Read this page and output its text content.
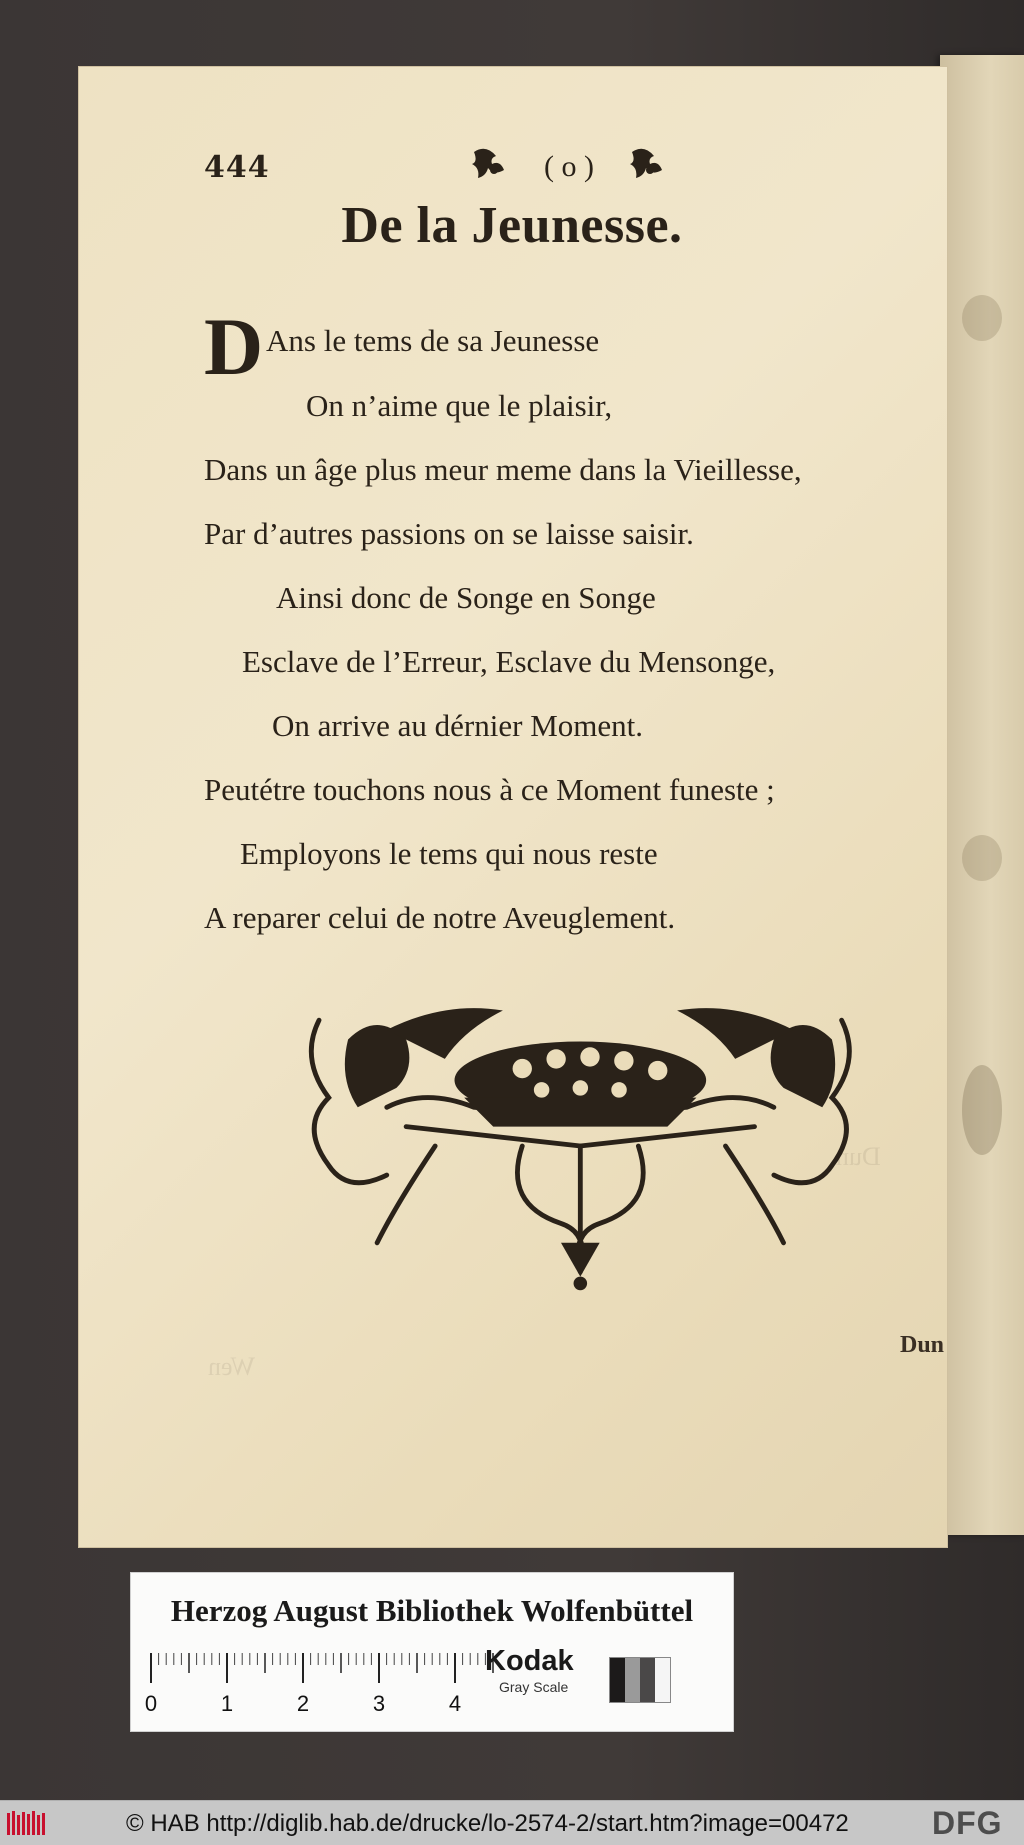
Dun
Wen
444	( o )
De la Jeunesse.
D Ans le tems de sa Jeunesse
On n’aime que le plaisir,
Dans un âge plus meur meme dans la Vieillesse,
Par d’autres passions on se laisse saisir.
Ainsi donc de Songe en Songe
Esclave de l’Erreur, Esclave du Mensonge,
On arrive au dérnier Moment.
Peutétre touchons nous à ce Moment funeste ;
Employons le tems qui nous reste
A reparer celui de notre Aveuglement.
Dun
Herzog August Bibliothek Wolfenbüttel
0	1	2	3	4
Kodak
Gray Scale
© HAB http://diglib.hab.de/drucke/lo-2574-2/start.htm?image=00472	DFG
